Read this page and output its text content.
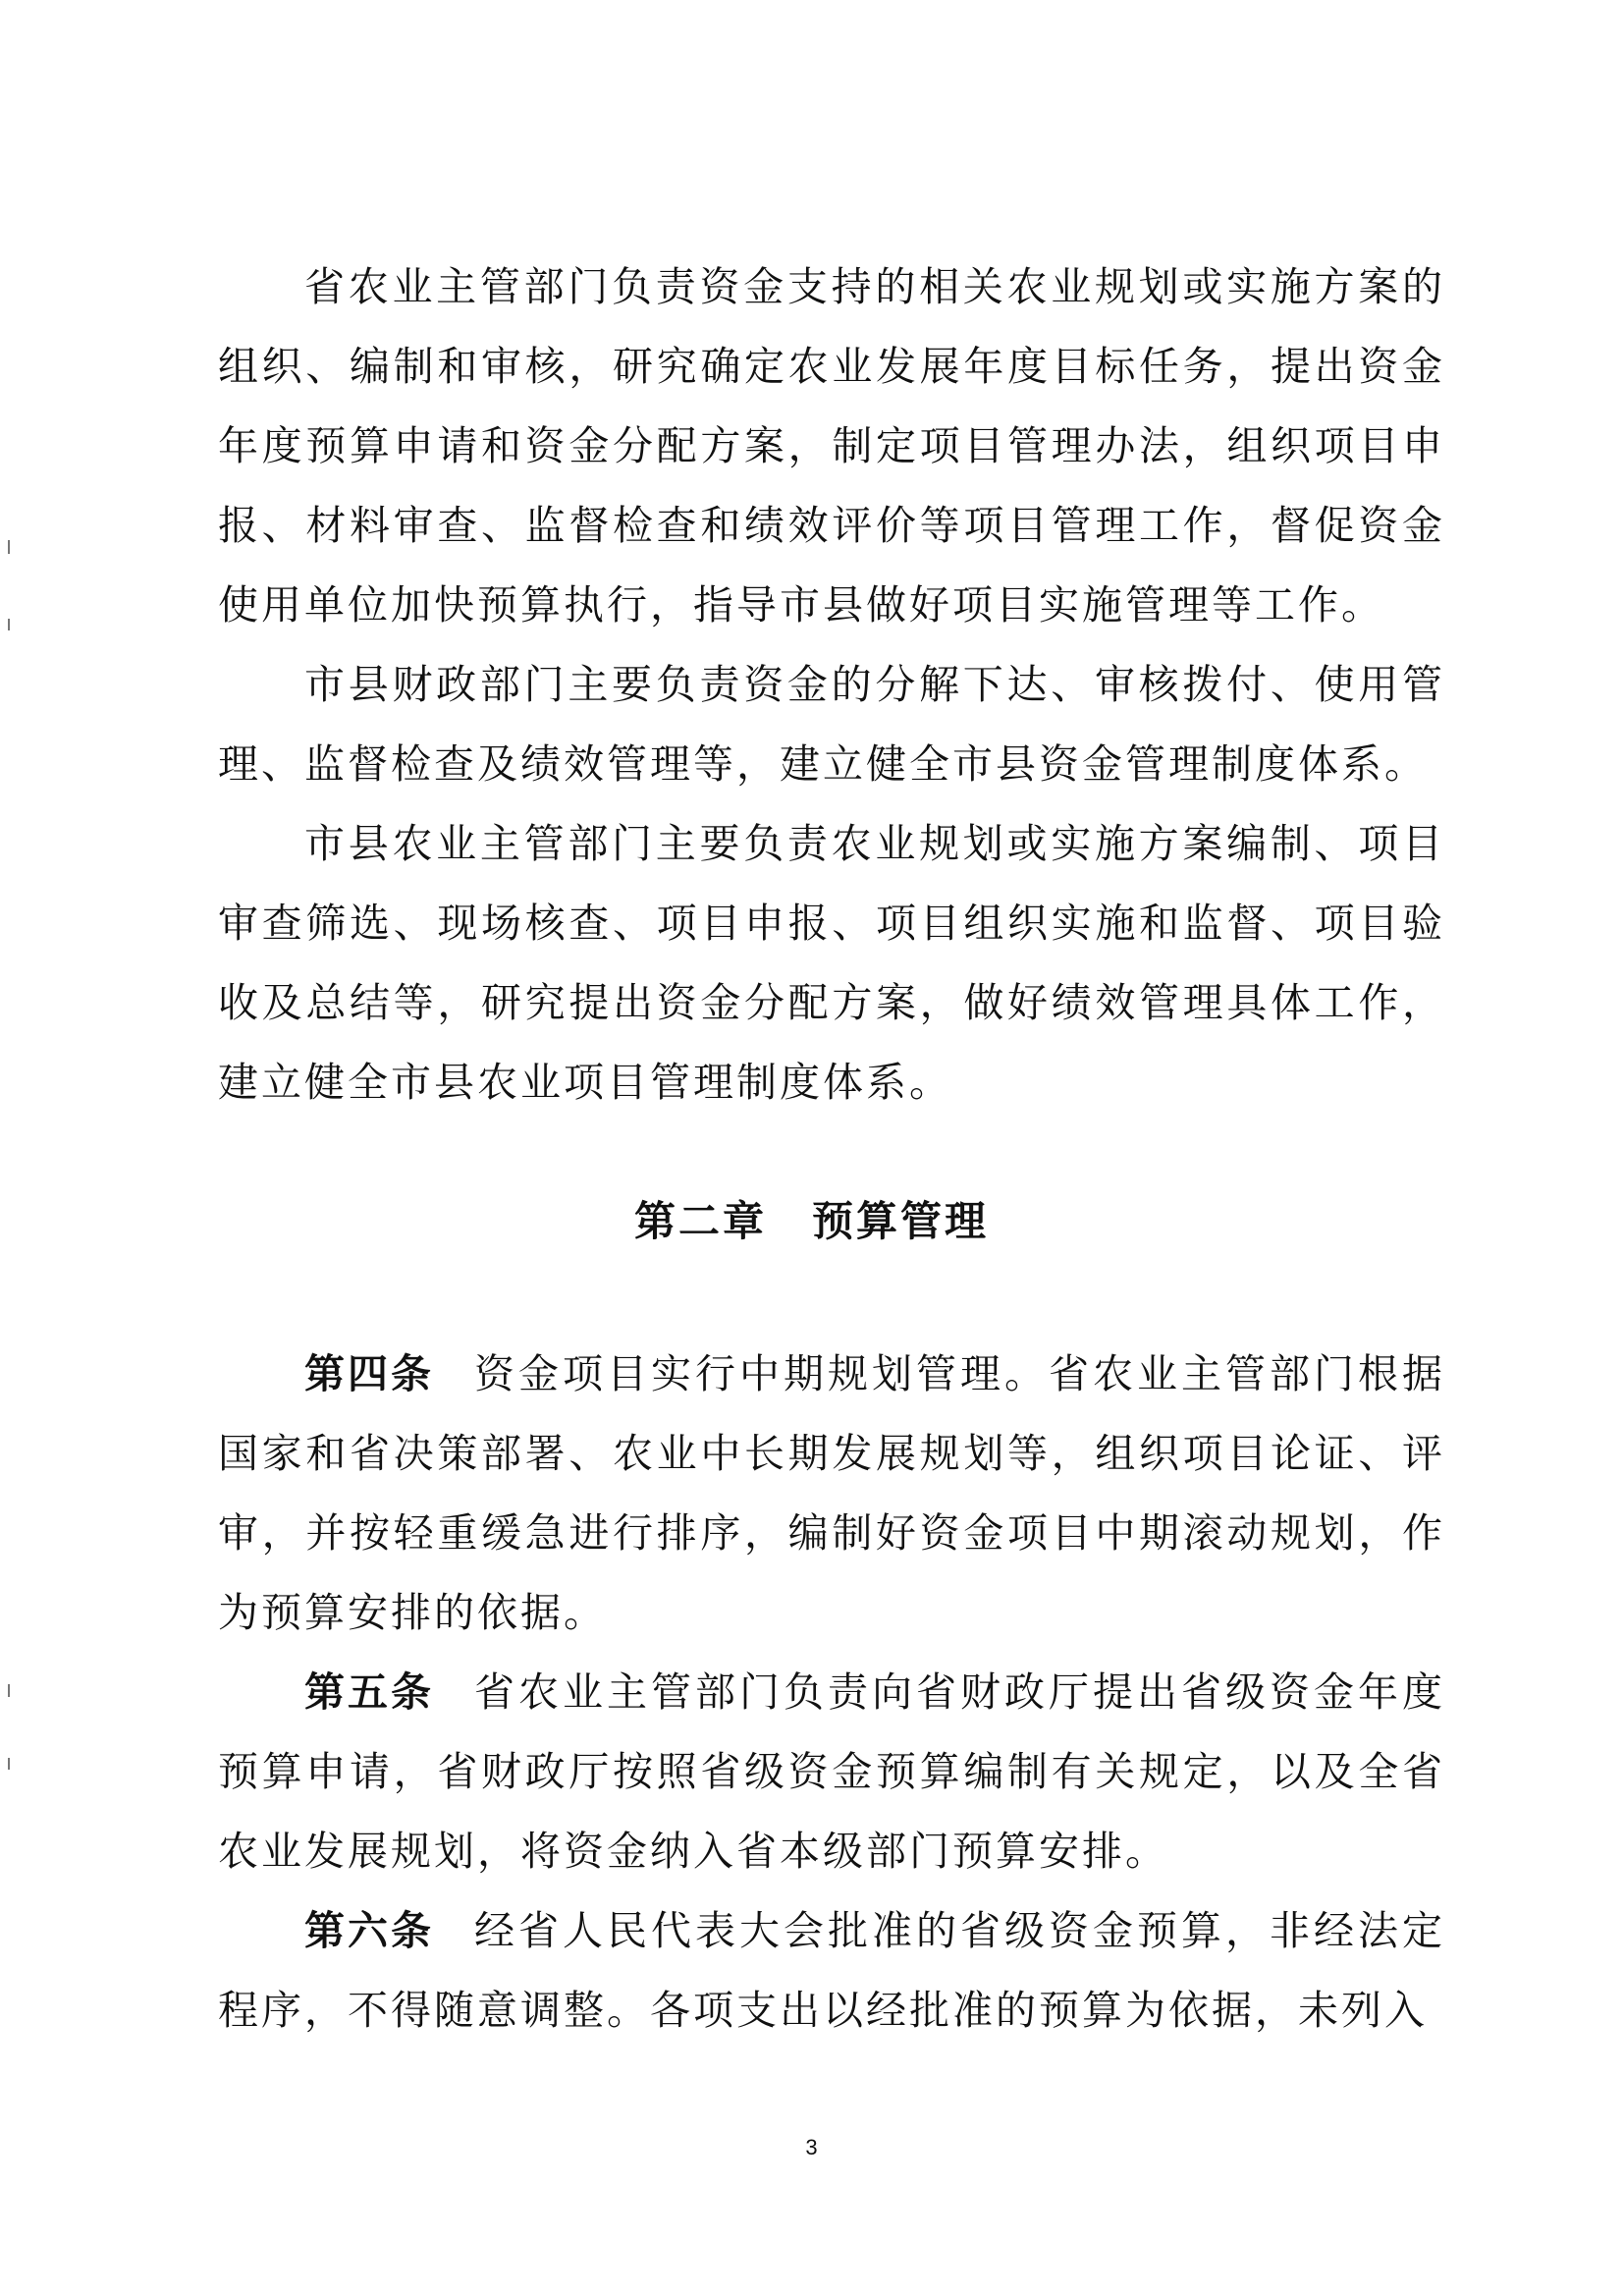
省农业主管部门负责资金支持的相关农业规划或实施方案的组织、编制和审核，研究确定农业发展年度目标任务，提出资金年度预算申请和资金分配方案，制定项目管理办法，组织项目申报、材料审查、监督检查和绩效评价等项目管理工作，督促资金使用单位加快预算执行，指导市县做好项目实施管理等工作。

市县财政部门主要负责资金的分解下达、审核拨付、使用管理、监督检查及绩效管理等，建立健全市县资金管理制度体系。

市县农业主管部门主要负责农业规划或实施方案编制、项目审查筛选、现场核查、项目申报、项目组织实施和监督、项目验收及总结等，研究提出资金分配方案，做好绩效管理具体工作，建立健全市县农业项目管理制度体系。

第二章 预算管理

第四条 资金项目实行中期规划管理。省农业主管部门根据国家和省决策部署、农业中长期发展规划等，组织项目论证、评审，并按轻重缓急进行排序，编制好资金项目中期滚动规划，作为预算安排的依据。

第五条 省农业主管部门负责向省财政厅提出省级资金年度预算申请，省财政厅按照省级资金预算编制有关规定，以及全省农业发展规划，将资金纳入省本级部门预算安排。

第六条 经省人民代表大会批准的省级资金预算，非经法定程序，不得随意调整。各项支出以经批准的预算为依据，未列入

3
